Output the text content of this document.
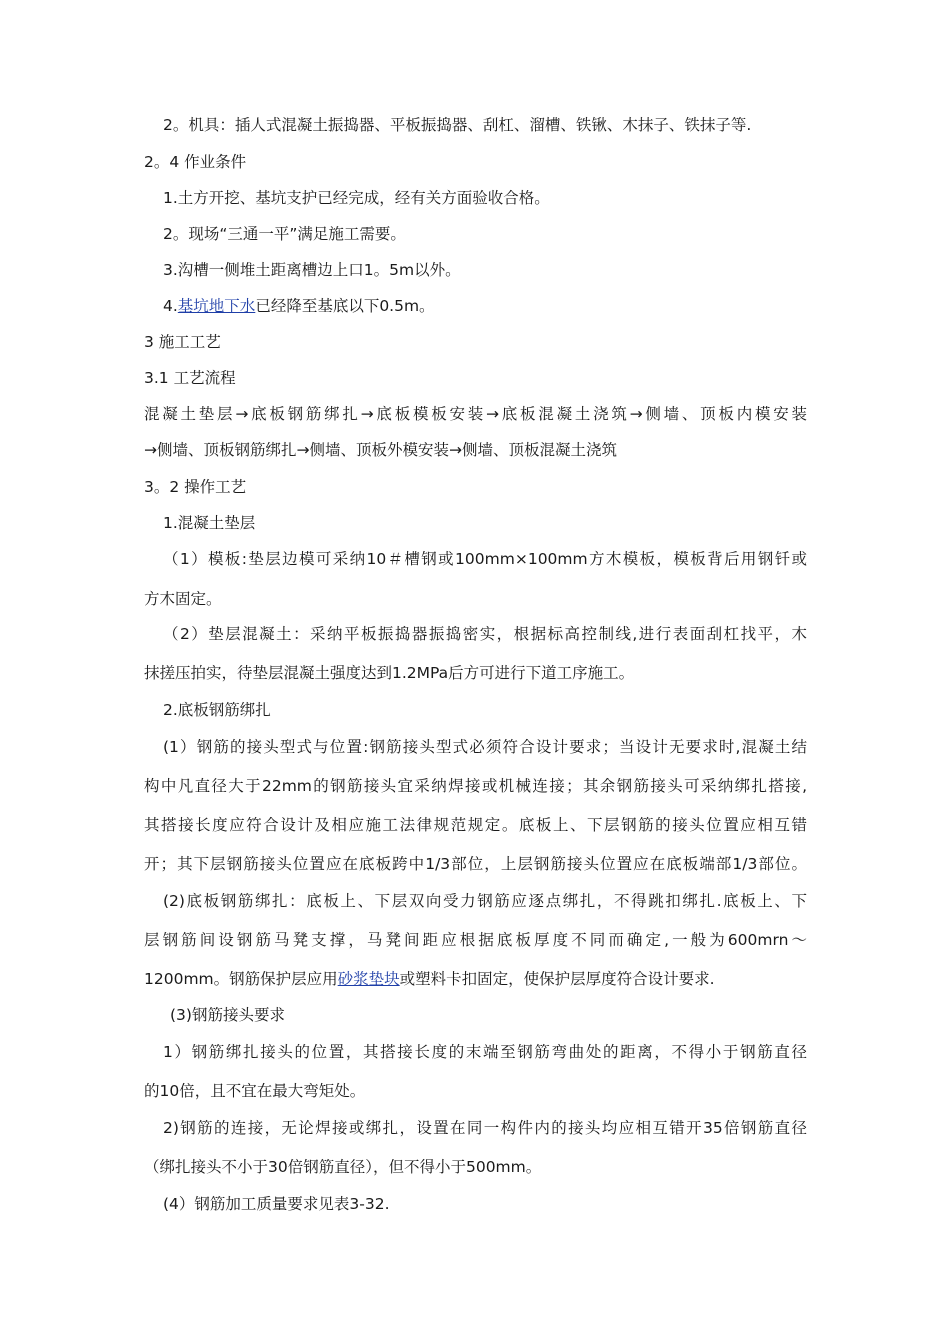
2。机具：插人式混凝土振捣器、平板振捣器、刮杠、溜槽、铁锹、木抹子、铁抹子等.
2。4 作业条件
1.土方开挖、基坑支护已经完成，经有关方面验收合格。
2。现场“三通一平”满足施工需要。
3.沟槽一侧堆土距离槽边上口1。5m以外。
4.基坑地下水已经降至基底以下0.5m。
3 施工工艺
3.1 工艺流程
混凝土垫层→底板钢筋绑扎→底板模板安装→底板混凝土浇筑→侧墙、顶板内模安装
→侧墙、顶板钢筋绑扎→侧墙、顶板外模安装→侧墙、顶板混凝土浇筑
3。2 操作工艺
1.混凝土垫层
（1）模板:垫层边模可采纳10＃槽钢或100mm×100mm方木模板，模板背后用钢钎或
方木固定。
（2）垫层混凝土：采纳平板振捣器振捣密实，根据标高控制线,进行表面刮杠找平，木
抹搓压拍实，待垫层混凝土强度达到1.2MPa后方可进行下道工序施工。
2.底板钢筋绑扎
(1）钢筋的接头型式与位置:钢筋接头型式必须符合设计要求；当设计无要求时,混凝土结
构中凡直径大于22mm的钢筋接头宜采纳焊接或机械连接；其余钢筋接头可采纳绑扎搭接,
其搭接长度应符合设计及相应施工法律规范规定。底板上、下层钢筋的接头位置应相互错
开；其下层钢筋接头位置应在底板跨中1/3部位，上层钢筋接头位置应在底板端部1/3部位。
(2)底板钢筋绑扎：底板上、下层双向受力钢筋应逐点绑扎，不得跳扣绑扎.底板上、下
层钢筋间设钢筋马凳支撑，马凳间距应根据底板厚度不同而确定,一般为600mrn～
1200mm。钢筋保护层应用砂浆垫块或塑料卡扣固定，使保护层厚度符合设计要求.
(3)钢筋接头要求
1）钢筋绑扎接头的位置，其搭接长度的末端至钢筋弯曲处的距离，不得小于钢筋直径
的10倍，且不宜在最大弯矩处。
2)钢筋的连接，无论焊接或绑扎，设置在同一构件内的接头均应相互错开35倍钢筋直径
（绑扎接头不小于30倍钢筋直径），但不得小于500mm。
(4）钢筋加工质量要求见表3-32.
